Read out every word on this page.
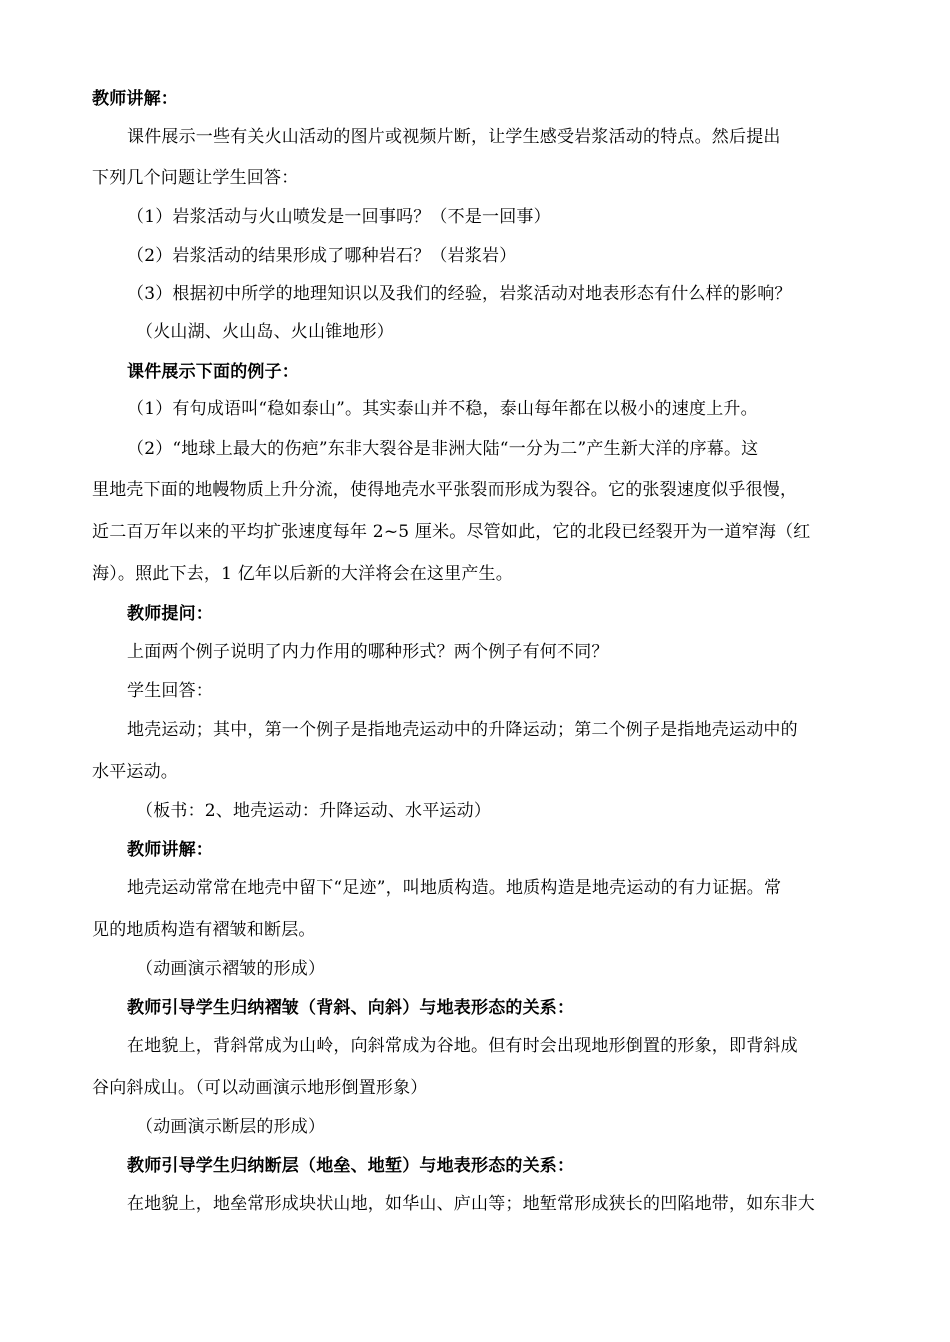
教师讲解：
课件展示一些有关火山活动的图片或视频片断，让学生感受岩浆活动的特点。然后提出
下列几个问题让学生回答：
（1）岩浆活动与火山喷发是一回事吗？（不是一回事）
（2）岩浆活动的结果形成了哪种岩石？（岩浆岩）
（3）根据初中所学的地理知识以及我们的经验，岩浆活动对地表形态有什么样的影响？
（火山湖、火山岛、火山锥地形）
课件展示下面的例子：
（1）有句成语叫“稳如泰山”。其实泰山并不稳，泰山每年都在以极小的速度上升。
（2）“地球上最大的伤疤”东非大裂谷是非洲大陆“一分为二”产生新大洋的序幕。这
里地壳下面的地幔物质上升分流，使得地壳水平张裂而形成为裂谷。它的张裂速度似乎很慢，
近二百万年以来的平均扩张速度每年 2~5 厘米。尽管如此，它的北段已经裂开为一道窄海（红
海）。照此下去，1 亿年以后新的大洋将会在这里产生。
教师提问：
上面两个例子说明了内力作用的哪种形式？两个例子有何不同？
学生回答：
地壳运动；其中，第一个例子是指地壳运动中的升降运动；第二个例子是指地壳运动中的
水平运动。
（板书：2、地壳运动：升降运动、水平运动）
教师讲解：
地壳运动常常在地壳中留下“足迹”，叫地质构造。地质构造是地壳运动的有力证据。常
见的地质构造有褶皱和断层。
（动画演示褶皱的形成）
教师引导学生归纳褶皱（背斜、向斜）与地表形态的关系：
在地貌上，背斜常成为山岭，向斜常成为谷地。但有时会出现地形倒置的形象，即背斜成
谷向斜成山。（可以动画演示地形倒置形象）
（动画演示断层的形成）
教师引导学生归纳断层（地垒、地堑）与地表形态的关系：
在地貌上，地垒常形成块状山地，如华山、庐山等；地堑常形成狭长的凹陷地带，如东非大
